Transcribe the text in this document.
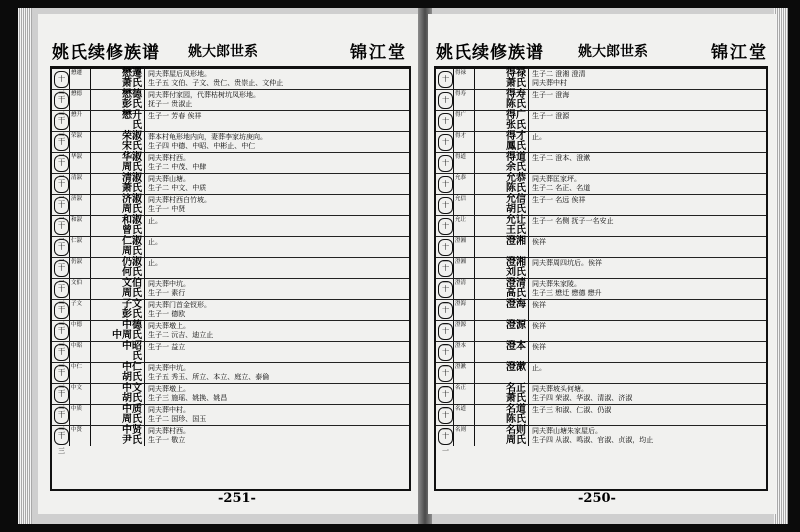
姚氏续修族谱 姚大郎世系	锦江堂
十三
懋遷	懋遷
萧氏
同夫葬屋后凤形地。
生子五 文伯、子文、贵仁、贵崇止、文仲止
十三
懋德	懋德
彭氏
同夫葬付家园，代葬枯树坑凤形地。
抚子一 贵淑止
十三
懋升	懋升
氏
生子一 芳春 俟祥
十二
荣淑	荣淑
宋氏
葬本村龟形地内向，妻葬李家坊庚向。
生子四 中德、中昭、中彬止、中仁
十二
华淑	华淑
周氏
同夫葬村西。
生子二 中茂、中肆
十二
清淑	清淑
萧氏
同夫葬山塘。
生子二 中文、中质
十二
济淑	济淑
周氏
同夫葬村西白竹坡。
生子一 中贤
十二
和淑	和淑
曾氏
止。
十二
仁淑	仁淑
周氏
止。
十二
仍淑	仍淑
何氏
止。
十三
文伯	文伯
周氏
同夫葬中坑。
生子一 素行
十三
子文	子文
彭氏
同夫葬门首金钗形。
生子一 德欧
十三
中德	中德
中周氏
同夫葬墩上。
生子二 沅吉、迪立止
十三
中昭	中昭
氏
生子一 益立
十三
中仁	中仁
胡氏
同夫葬中坑。
生子五 秀玉、所立、本立、庭立、泰倫
十三
中文	中文
胡氏
同夫葬墩上。
生子三 施瑶、姚换、姚昌
十三
中质	中质
周氏
同夫葬中村。
生子二 国珍、国玉
十三
中贤	中贤
尹氏
同夫葬村西。
生子一 敬立
-251-
姚氏续修族谱 姚大郎世系	锦江堂
十
得禄	得禄
萧氏
生子二 澄湘 澄清
同夫葬中村
十
得寿	得寿
陈氏
生子一 澄海
十
得广	得广
张氏
生子一 澄源
十
得才	得才
鳳氏
止。
十
得道	得道
余氏
生子二 澄本、澄漱
十
允恭	允恭
陈氏
同夫葬匡家坪。
生子二 名正、名道
十
允信	允信
胡氏
生子一 名远 俟祥
十
允让	允让
王氏
生子一 名侧 抚子一名安止
十一
澄湘	澄湘 俟祥
十一
澄湘	澄湘
刘氏
同夫葬周四坑后。俟祥
十一
澄清	澄清
高氏
同夫葬朱家陵。
生子三 懋迁 懋德 懋升
十一
澄海	澄海 俟祥
十一
澄源	澄源 俟祥
十一
澄本	澄本 俟祥
十一
澄漱	澄漱 止。
十一
名正	名正
萧氏
同夫葬坡头何塘。
生子四 荣淑、华淑、清淑、济淑
十一
名道	名道
陈氏
生子三 和淑、仁淑、仍淑
十一
名则	名则
周氏
同夫葬山塘朱家屋后。
生子四 从淑、鸣淑、官淑、贞淑，均止
-250-
